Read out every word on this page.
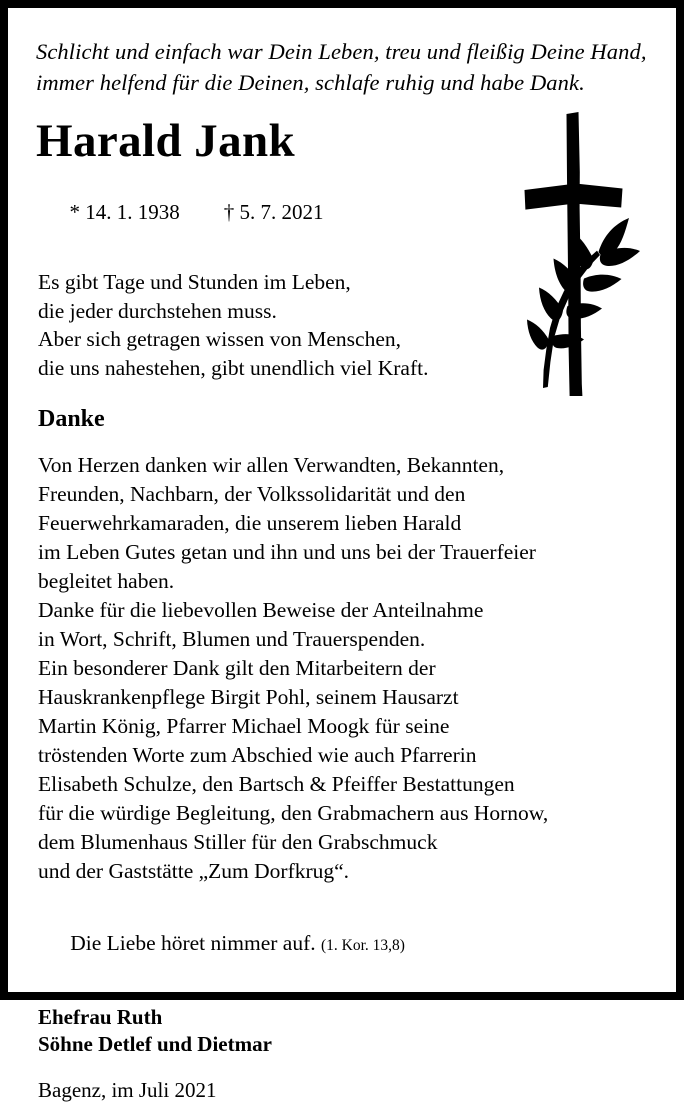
Schlicht und einfach war Dein Leben, treu und fleißig Deine Hand,
immer helfend für die Deinen, schlafe ruhig und habe Dank.
Harald Jank

* 14. 1. 1938 † 5. 7. 2021

Es gibt Tage und Stunden im Leben,
die jeder durchstehen muss.
Aber sich getragen wissen von Menschen,
die uns nahestehen, gibt unendlich viel Kraft.
Danke
Von Herzen danken wir allen Verwandten, Bekannten,
Freunden, Nachbarn, der Volkssolidarität und den
Feuerwehrkamaraden, die unserem lieben Harald
im Leben Gutes getan und ihn und uns bei der Trauerfeier
begleitet haben.
Danke für die liebevollen Beweise der Anteilnahme
in Wort, Schrift, Blumen und Trauerspenden.
Ein besonderer Dank gilt den Mitarbeitern der
Hauskrankenpflege Birgit Pohl, seinem Hausarzt
Martin König, Pfarrer Michael Moogk für seine
tröstenden Worte zum Abschied wie auch Pfarrerin
Elisabeth Schulze, den Bartsch & Pfeiffer Bestattungen
für die würdige Begleitung, den Grabmachern aus Hornow,
dem Blumenhaus Stiller für den Grabschmuck
und der Gaststätte „Zum Dorfkrug“.

Die Liebe höret nimmer auf. (1. Kor. 13,8)

Ehefrau Ruth
Söhne Detlef und Dietmar
Bagenz, im Juli 2021
